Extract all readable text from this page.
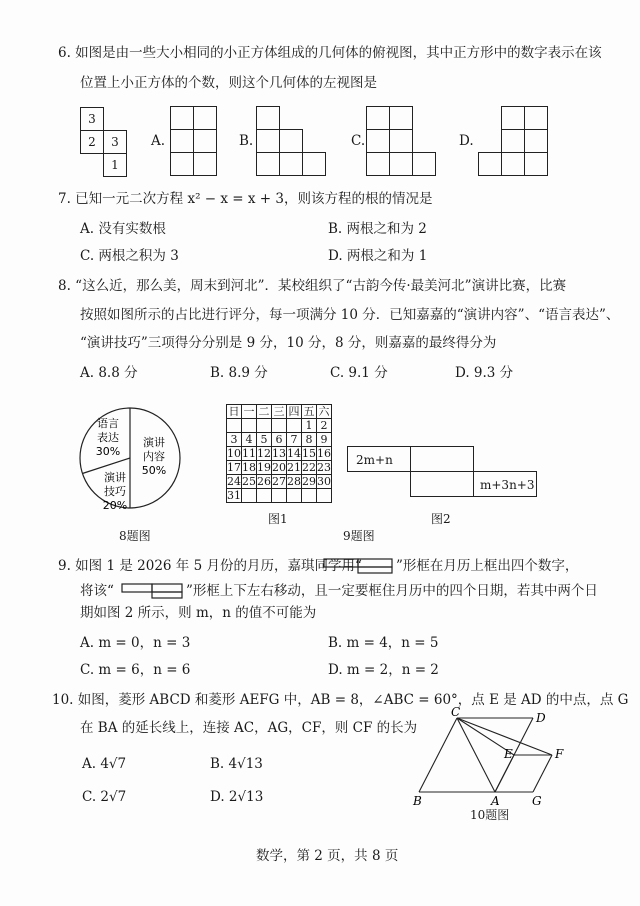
6. 如图是由一些大小相同的小正方体组成的几何体的俯视图，其中正方形中的数字表示在该
位置上小正方体的个数，则这个几何体的左视图是
3
2	3
1
A.	B.	C.	D.
7. 已知一元二次方程 x² − x = x + 3，则该方程的根的情况是
A. 没有实数根	B. 两根之和为 2
C. 两根之积为 3	D. 两根之和为 1
8. “这么近，那么美，周末到河北”．某校组织了“古韵今传·最美河北”演讲比赛，比赛
按照如图所示的占比进行评分，每一项满分 10 分．已知嘉嘉的“演讲内容”、“语言表达”、
“演讲技巧”三项得分分别是 9 分，10 分，8 分，则嘉嘉的最终得分为
A. 8.8 分	B. 8.9 分	C. 9.1 分	D. 9.3 分
语言
表达
30%
演讲
内容
50%
演讲
技巧
20%
8题图
日	一	二	三	四	五	六
					1	2
3	4	5	6	7	8	9
10	11	12	13	14	15	16
17	18	19	20	21	22	23
24	25	26	27	28	29	30
31						
图1
2m+n
m+3n+3
图2
9题图
9. 如图 1 是 2026 年 5 月份的月历，嘉琪同学用“	”形框在月历上框出四个数字，
将该“	”形框上下左右移动，且一定要框住月历中的四个日期，若其中两个日
期如图 2 所示，则 m，n 的值不可能为
A. m = 0，n = 3	B. m = 4，n = 5
C. m = 6，n = 6	D. m = 2，n = 2
10. 如图，菱形 ABCD 和菱形 AEFG 中，AB = 8，∠ABC = 60°，点 E 是 AD 的中点，点 G
在 BA 的延长线上，连接 AC，AG，CF，则 CF 的长为
A. 4√7	B. 4√13
C. 2√7	D. 2√13
C	D
E	F
B	A	G
10题图
数学，第 2 页，共 8 页
